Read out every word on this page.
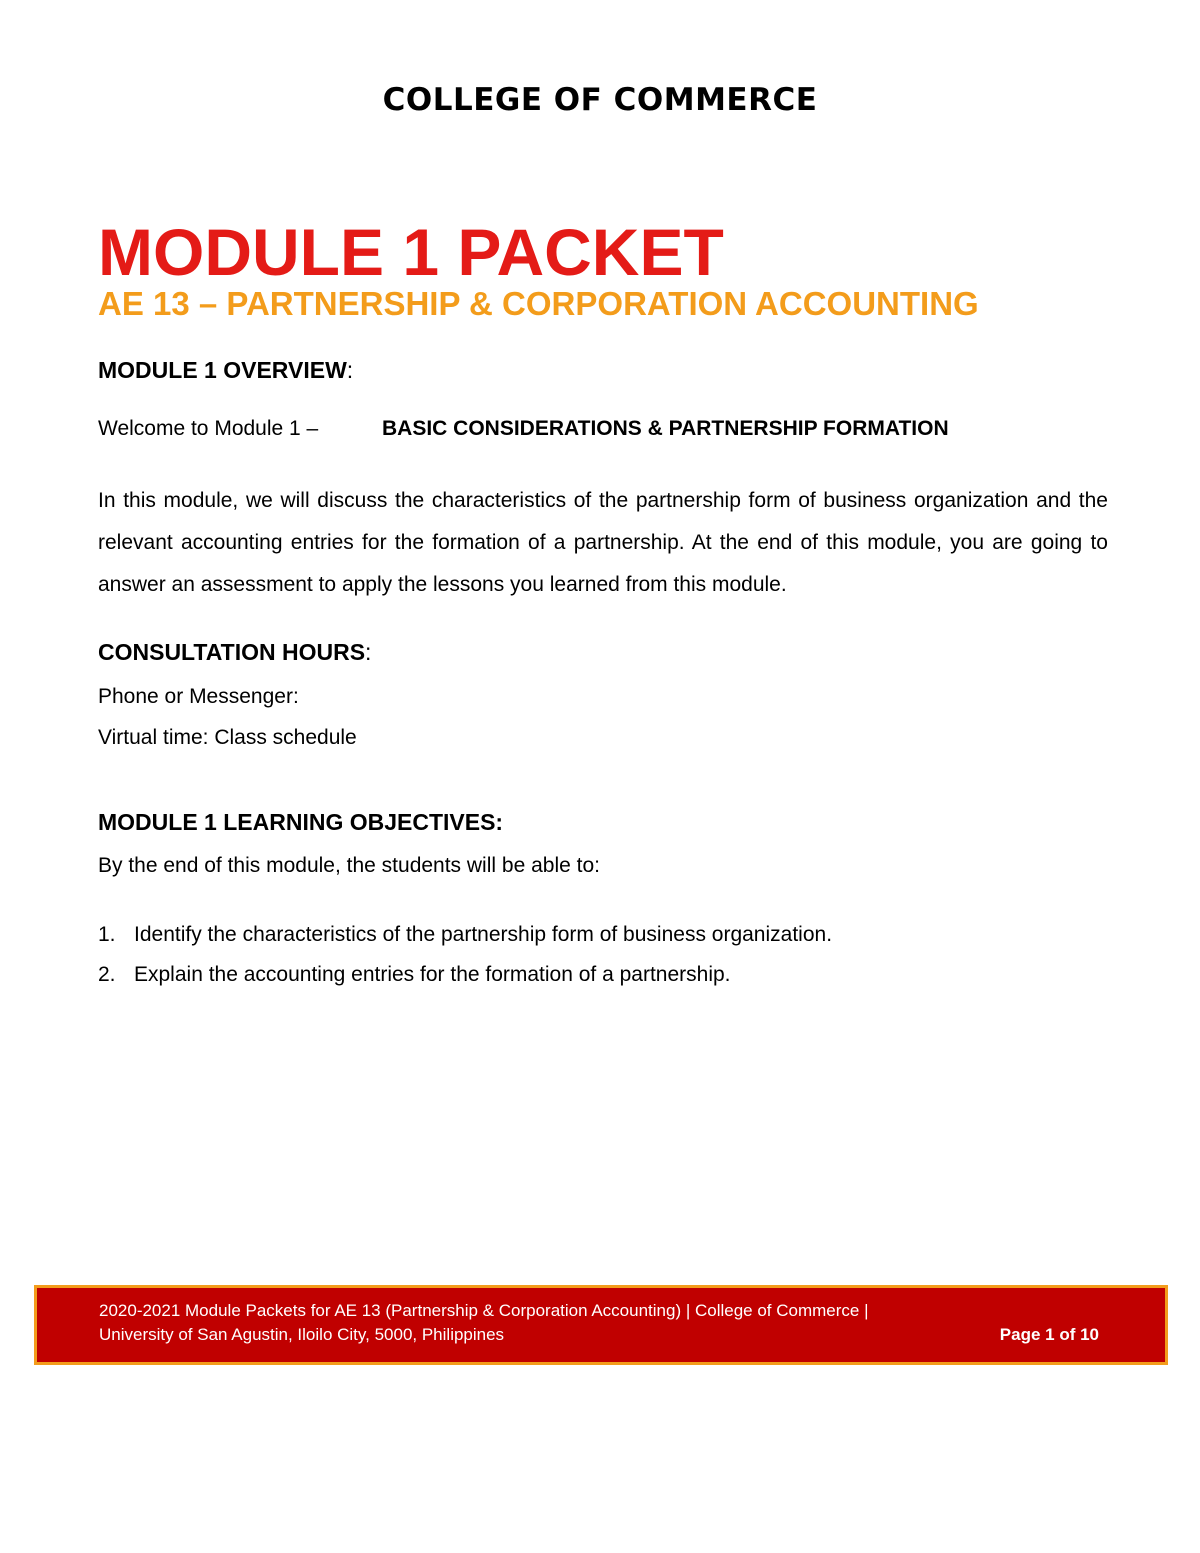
COLLEGE OF COMMERCE
MODULE 1 PACKET
AE 13 – PARTNERSHIP & CORPORATION ACCOUNTING

MODULE 1 OVERVIEW:

Welcome to Module 1 –	BASIC CONSIDERATIONS & PARTNERSHIP FORMATION

In this module, we will discuss the characteristics of the partnership form of business organization and the relevant accounting entries for the formation of a partnership. At the end of this module, you are going to answer an assessment to apply the lessons you learned from this module.

CONSULTATION HOURS:

Phone or Messenger:

Virtual time: Class schedule

MODULE 1 LEARNING OBJECTIVES:

By the end of this module, the students will be able to:

1. Identify the characteristics of the partnership form of business organization.
2. Explain the accounting entries for the formation of a partnership.
2020-2021 Module Packets for AE 13 (Partnership & Corporation Accounting) | College of Commerce |
University of San Agustin, Iloilo City, 5000, Philippines	Page 1 of 10
